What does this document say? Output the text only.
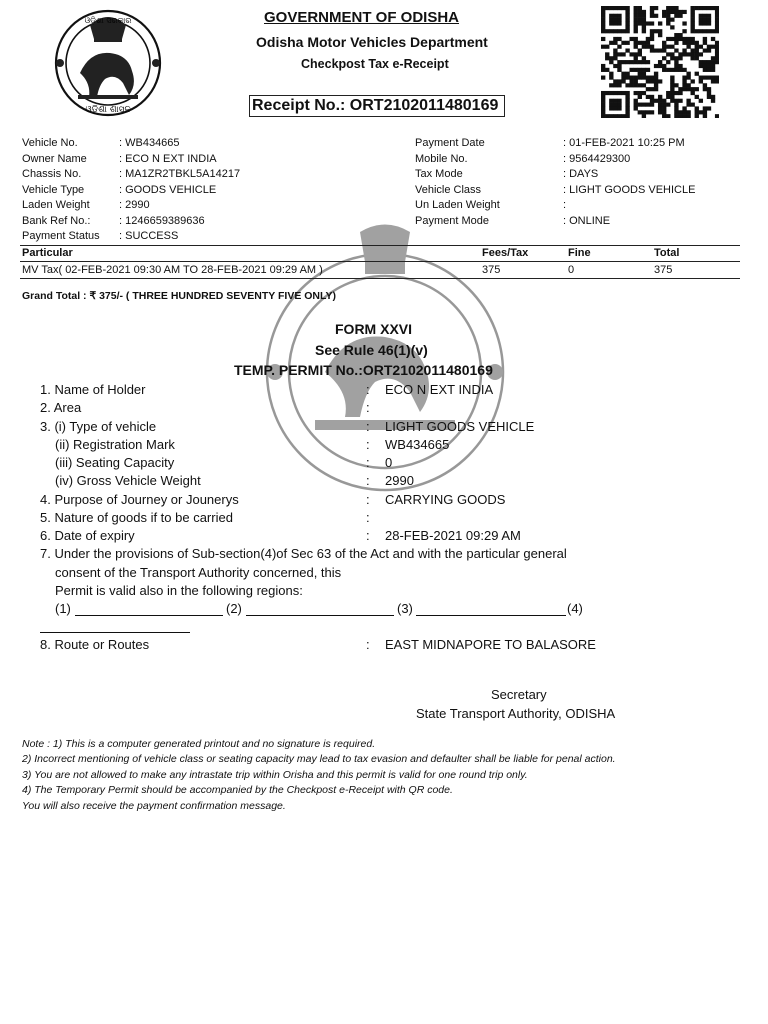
ଓଡ଼ିଶା ସରକାର
ଓଡ଼ିଶା ଶାସନ
GOVERNMENT OF ODISHA
Odisha Motor Vehicles Department
Checkpost Tax e-Receipt
Receipt No.: ORT2102011480169
Vehicle No.	: WB434665
Owner Name	: ECO N EXT INDIA
Chassis No.	: MA1ZR2TBKL5A14217
Vehicle Type	: GOODS VEHICLE
Laden Weight	: 2990
Bank Ref No.:	: 1246659389636
Payment Status : SUCCESS
Payment Date	: 01-FEB-2021 10:25 PM
Mobile No.	: 9564429300
Tax Mode	: DAYS
Vehicle Class	: LIGHT GOODS VEHICLE
Un Laden Weight	:
Payment Mode	: ONLINE
Particular	Fees/Tax	Fine	Total
MV Tax( 02-FEB-2021 09:30 AM TO 28-FEB-2021 09:29 AM )	375	0	375
Grand Total : ₹ 375/- ( THREE HUNDRED SEVENTY FIVE ONLY)
FORM XXVI
See Rule 46(1)(v)
TEMP. PERMIT No.:ORT2102011480169
1. Name of Holder	: ECO N EXT INDIA
2. Area	:
3. (i) Type of vehicle	: LIGHT GOODS VEHICLE
(ii) Registration Mark	: WB434665
(iii) Seating Capacity	: 0
(iv) Gross Vehicle Weight	: 2990
4. Purpose of Journey or Jounerys	: CARRYING GOODS
5. Nature of goods if to be carried	:
6. Date of expiry	: 28-FEB-2021 09:29 AM
7. Under the provisions of Sub-section(4)of Sec 63 of the Act and with the particular general
consent of the Transport Authority concerned, this
Permit is valid also in the following regions:
(1)	(2)	(3)	(4)
8. Route or Routes	: EAST MIDNAPORE TO BALASORE
Secretary
State Transport Authority, ODISHA
Note : 1) This is a computer generated printout and no signature is required.
2) Incorrect mentioning of vehicle class or seating capacity may lead to tax evasion and defaulter shall be liable for penal action.
3) You are not allowed to make any intrastate trip within Orisha and this permit is valid for one round trip only.
4) The Temporary Permit should be accompanied by the Checkpost e-Receipt with QR code.
You will also receive the payment confirmation message.
